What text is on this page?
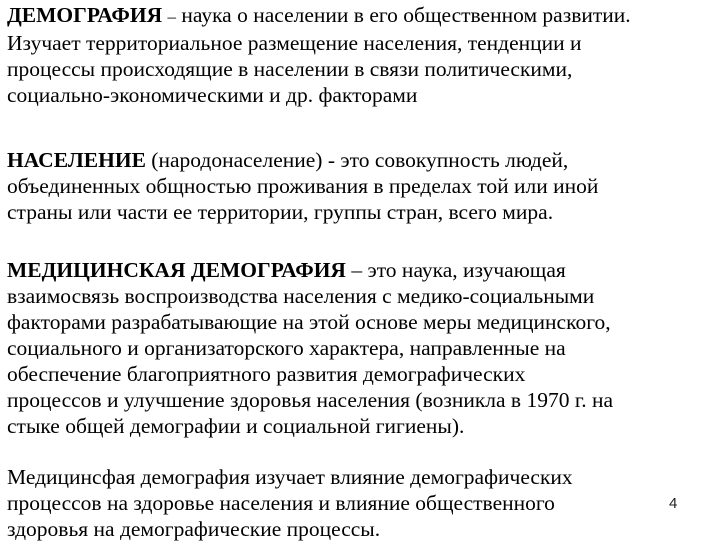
ДЕМОГРАФИЯ – наука о населении в его общественном развитии.
Изучает территориальное размещение населения, тенденции и
процессы происходящие в населении в связи политическими,
социально-экономическими и др. факторами

НАСЕЛЕНИЕ (народонаселение) - это совокупность людей,
объединенных общностью проживания в пределах той или иной
страны или части ее территории, группы стран, всего мира.

МЕДИЦИНСКАЯ ДЕМОГРАФИЯ – это наука, изучающая
взаимосвязь воспроизводства населения с медико-социальными
факторами разрабатывающие на этой основе меры медицинского,
социального и организаторского характера, направленные на
обеспечение благоприятного развития демографических
процессов и улучшение здоровья населения (возникла в 1970 г. на
стыке общей демографии и социальной гигиены).

Медицинсфая демография изучает влияние демографических
процессов на здоровье населения и влияние общественного
здоровья на демографические процессы.

4
